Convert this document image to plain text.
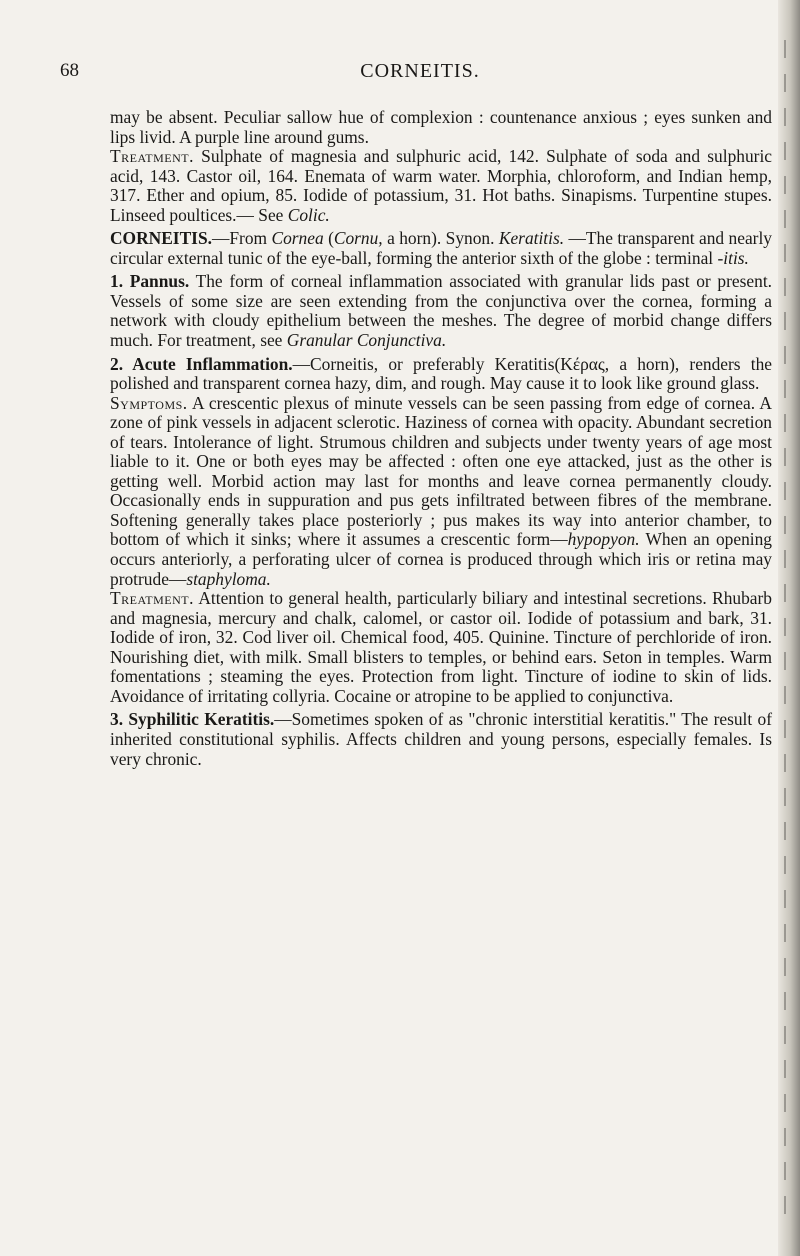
68	CORNEITIS.

may be absent. Peculiar sallow hue of complexion : countenance anxious ; eyes sunken and lips livid. A purple line around gums.

Treatment. Sulphate of magnesia and sulphuric acid, 142. Sulphate of soda and sulphuric acid, 143. Castor oil, 164. Enemata of warm water. Morphia, chloroform, and Indian hemp, 317. Ether and opium, 85. Iodide of potassium, 31. Hot baths. Sinapisms. Turpentine stupes. Linseed poultices.— See Colic.

CORNEITIS.—From Cornea (Cornu, a horn). Synon. Keratitis. —The transparent and nearly circular external tunic of the eye-ball, forming the anterior sixth of the globe : terminal -itis.

1. Pannus. The form of corneal inflammation associated with granular lids past or present. Vessels of some size are seen extending from the conjunctiva over the cornea, forming a network with cloudy epithelium between the meshes. The degree of morbid change differs much. For treatment, see Granular Conjunctiva.

2. Acute Inflammation.—Corneitis, or preferably Keratitis(Κέρας, a horn), renders the polished and transparent cornea hazy, dim, and rough. May cause it to look like ground glass.

Symptoms. A crescentic plexus of minute vessels can be seen passing from edge of cornea. A zone of pink vessels in adjacent sclerotic. Haziness of cornea with opacity. Abundant secretion of tears. Intolerance of light. Strumous children and subjects under twenty years of age most liable to it. One or both eyes may be affected : often one eye attacked, just as the other is getting well. Morbid action may last for months and leave cornea permanently cloudy. Occasionally ends in suppuration and pus gets infiltrated between fibres of the membrane. Softening generally takes place posteriorly ; pus makes its way into anterior chamber, to bottom of which it sinks; where it assumes a crescentic form—hypopyon. When an opening occurs anteriorly, a perforating ulcer of cornea is produced through which iris or retina may protrude—staphyloma.

Treatment. Attention to general health, particularly biliary and intestinal secretions. Rhubarb and magnesia, mercury and chalk, calomel, or castor oil. Iodide of potassium and bark, 31. Iodide of iron, 32. Cod liver oil. Chemical food, 405. Quinine. Tincture of perchloride of iron. Nourishing diet, with milk. Small blisters to temples, or behind ears. Seton in temples. Warm fomentations ; steaming the eyes. Protection from light. Tincture of iodine to skin of lids. Avoidance of irritating collyria. Cocaine or atropine to be applied to conjunctiva.

3. Syphilitic Keratitis.—Sometimes spoken of as "chronic interstitial keratitis." The result of inherited constitutional syphilis. Affects children and young persons, especially females. Is very chronic.
